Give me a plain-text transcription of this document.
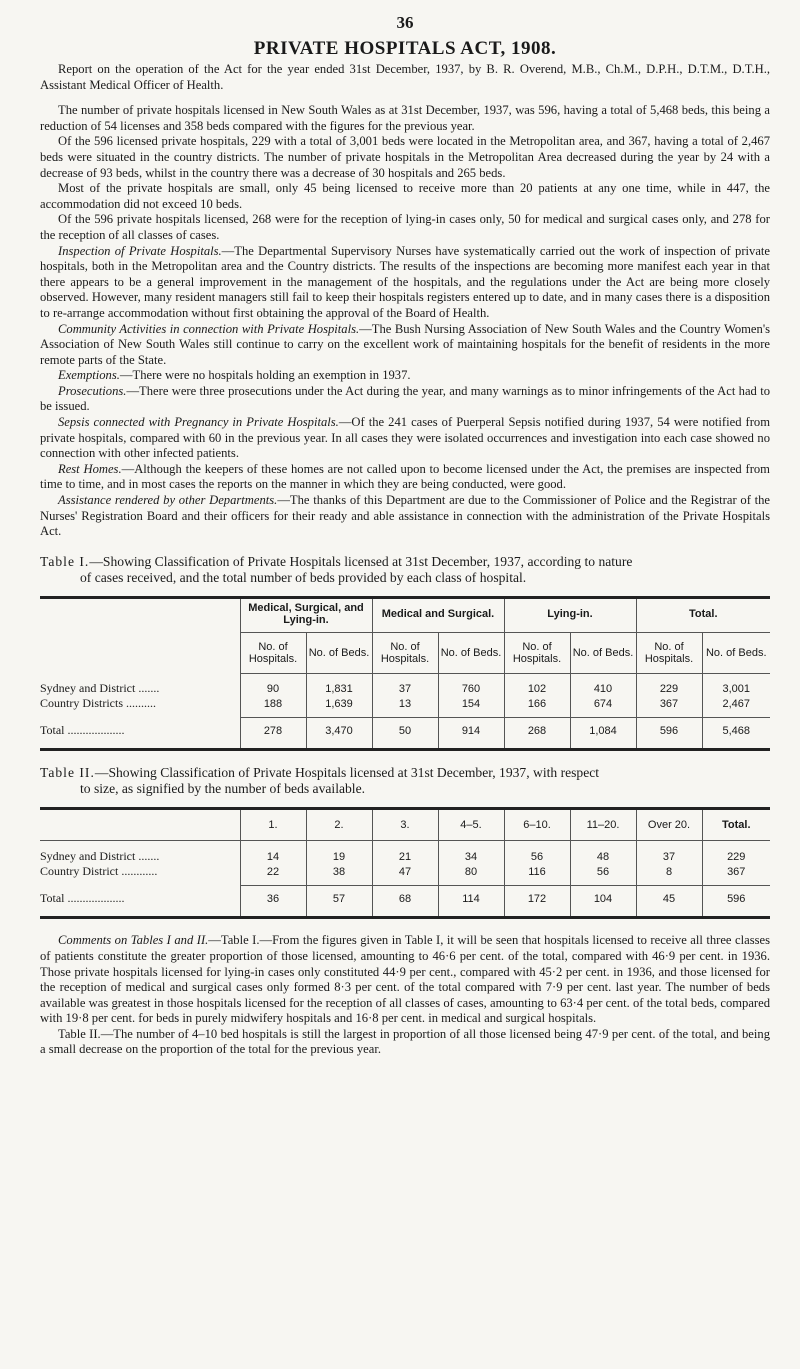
36
PRIVATE HOSPITALS ACT, 1908.

Report on the operation of the Act for the year ended 31st December, 1937, by B. R. Overend, M.B., Ch.M., D.P.H., D.T.M., D.T.H., Assistant Medical Officer of Health.

The number of private hospitals licensed in New South Wales as at 31st December, 1937, was 596, having a total of 5,468 beds, this being a reduction of 54 licenses and 358 beds compared with the figures for the previous year.

Of the 596 licensed private hospitals, 229 with a total of 3,001 beds were located in the Metropolitan area, and 367, having a total of 2,467 beds were situated in the country districts. The number of private hospitals in the Metropolitan Area decreased during the year by 24 with a decrease of 93 beds, whilst in the country there was a decrease of 30 hospitals and 265 beds.

Most of the private hospitals are small, only 45 being licensed to receive more than 20 patients at any one time, while in 447, the accommodation did not exceed 10 beds.

Of the 596 private hospitals licensed, 268 were for the reception of lying-in cases only, 50 for medical and surgical cases only, and 278 for the reception of all classes of cases.

Inspection of Private Hospitals.—The Departmental Supervisory Nurses have systematically carried out the work of inspection of private hospitals, both in the Metropolitan area and the Country districts. The results of the inspections are becoming more manifest each year in that there appears to be a general improvement in the management of the hospitals, and the regulations under the Act are being more closely observed. However, many resident managers still fail to keep their hospitals registers entered up to date, and in many cases there is a disposition to re-arrange accommodation without first obtaining the approval of the Board of Health.

Community Activities in connection with Private Hospitals.—The Bush Nursing Association of New South Wales and the Country Women's Association of New South Wales still continue to carry on the excellent work of maintaining hospitals for the benefit of residents in the more remote parts of the State.

Exemptions.—There were no hospitals holding an exemption in 1937.

Prosecutions.—There were three prosecutions under the Act during the year, and many warnings as to minor infringements of the Act had to be issued.

Sepsis connected with Pregnancy in Private Hospitals.—Of the 241 cases of Puerperal Sepsis notified during 1937, 54 were notified from private hospitals, compared with 60 in the previous year. In all cases they were isolated occurrences and investigation into each case showed no connection with other infected patients.

Rest Homes.—Although the keepers of these homes are not called upon to become licensed under the Act, the premises are inspected from time to time, and in most cases the reports on the manner in which they are being conducted, were good.

Assistance rendered by other Departments.—The thanks of this Department are due to the Commissioner of Police and the Registrar of the Nurses' Registration Board and their officers for their ready and able assistance in connection with the administration of the Private Hospitals Act.

Table I.—Showing Classification of Private Hospitals licensed at 31st December, 1937, according to nature
of cases received, and the total number of beds provided by each class of hospital.
	Medical, Surgical, and Lying-in.		Medical and Surgical.		Lying-in.		Total.	
	No. of Hospitals.	No. of Beds.	No. of Hospitals.	No. of Beds.	No. of Hospitals.	No. of Beds.	No. of Hospitals.	No. of Beds.
Sydney and District .......	90	1,831	37	760	102	410	229	3,001
Country Districts ..........	188	1,639	13	154	166	674	367	2,467
Total ...................	278	3,470	50	914	268	1,084	596	5,468
Table II.—Showing Classification of Private Hospitals licensed at 31st December, 1937, with respect
to size, as signified by the number of beds available.
	1.	2.	3.	4–5.	6–10.	11–20.	Over 20.	Total.
Sydney and District .......	14	19	21	34	56	48	37	229
Country District ............	22	38	47	80	116	56	8	367
Total ...................	36	57	68	114	172	104	45	596

Comments on Tables I and II.—Table I.—From the figures given in Table I, it will be seen that hospitals licensed to receive all three classes of patients constitute the greater proportion of those licensed, amounting to 46·6 per cent. of the total, compared with 46·9 per cent. in 1936. Those private hospitals licensed for lying-in cases only constituted 44·9 per cent., compared with 45·2 per cent. in 1936, and those licensed for the reception of medical and surgical cases only formed 8·3 per cent. of the total compared with 7·9 per cent. last year. The number of beds available was greatest in those hospitals licensed for the reception of all classes of cases, amounting to 63·4 per cent. of the total beds, compared with 19·8 per cent. for beds in purely midwifery hospitals and 16·8 per cent. in medical and surgical hospitals.

Table II.—The number of 4–10 bed hospitals is still the largest in proportion of all those licensed being 47·9 per cent. of the total, and being a small decrease on the proportion of the total for the previous year.
